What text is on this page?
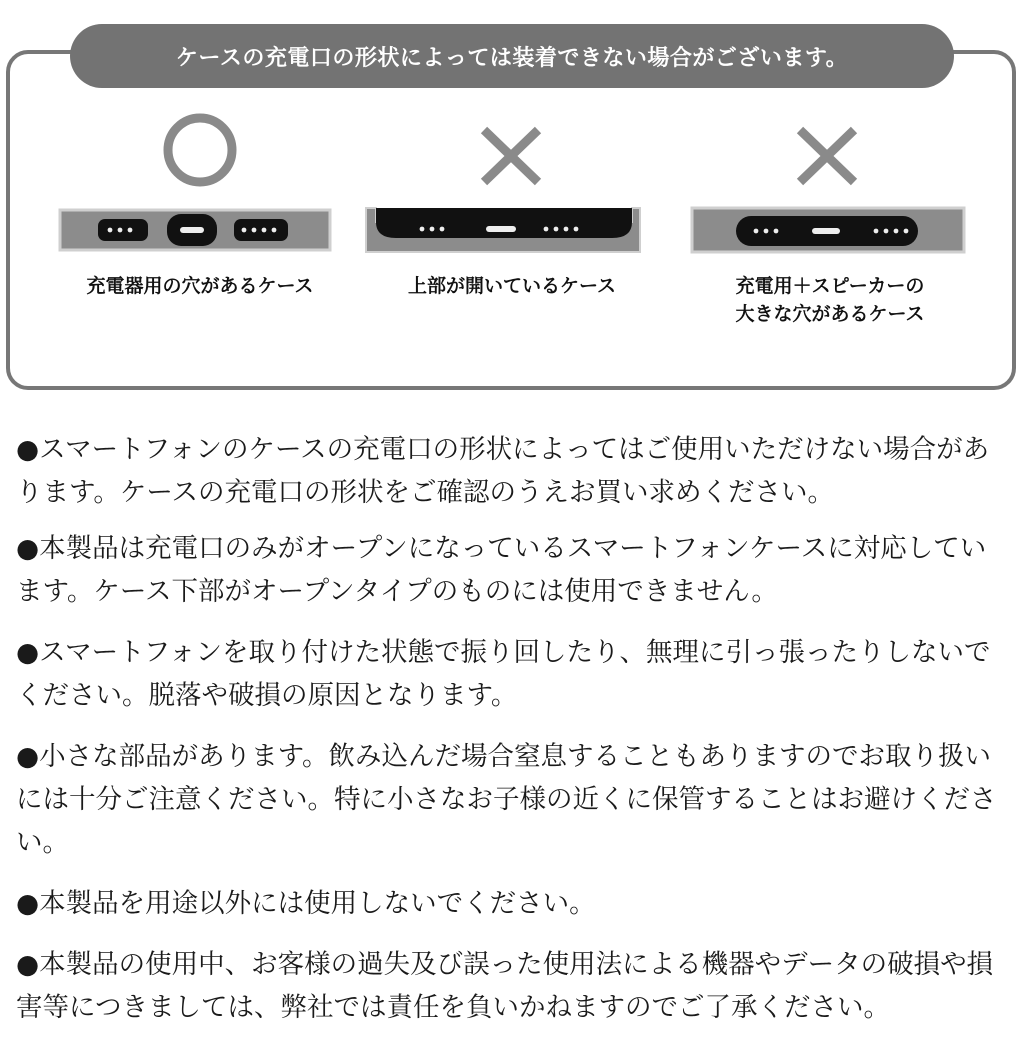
ケースの充電口の形状によっては装着できない場合がございます。
充電器用の穴があるケース	上部が開いているケース	充電用＋スピーカーの
大きな穴があるケース
●スマートフォンのケースの充電口の形状によってはご使用いただけない場合があります。ケースの充電口の形状をご確認のうえお買い求めください。
●本製品は充電口のみがオープンになっているスマートフォンケースに対応しています。ケース下部がオープンタイプのものには使用できません。
●スマートフォンを取り付けた状態で振り回したり、無理に引っ張ったりしないでください。脱落や破損の原因となります。
●小さな部品があります。飲み込んだ場合窒息することもありますのでお取り扱いには十分ご注意ください。特に小さなお子様の近くに保管することはお避けください。
●本製品を用途以外には使用しないでください。
●本製品の使用中、お客様の過失及び誤った使用法による機器やデータの破損や損害等につきましては、弊社では責任を負いかねますのでご了承ください。
